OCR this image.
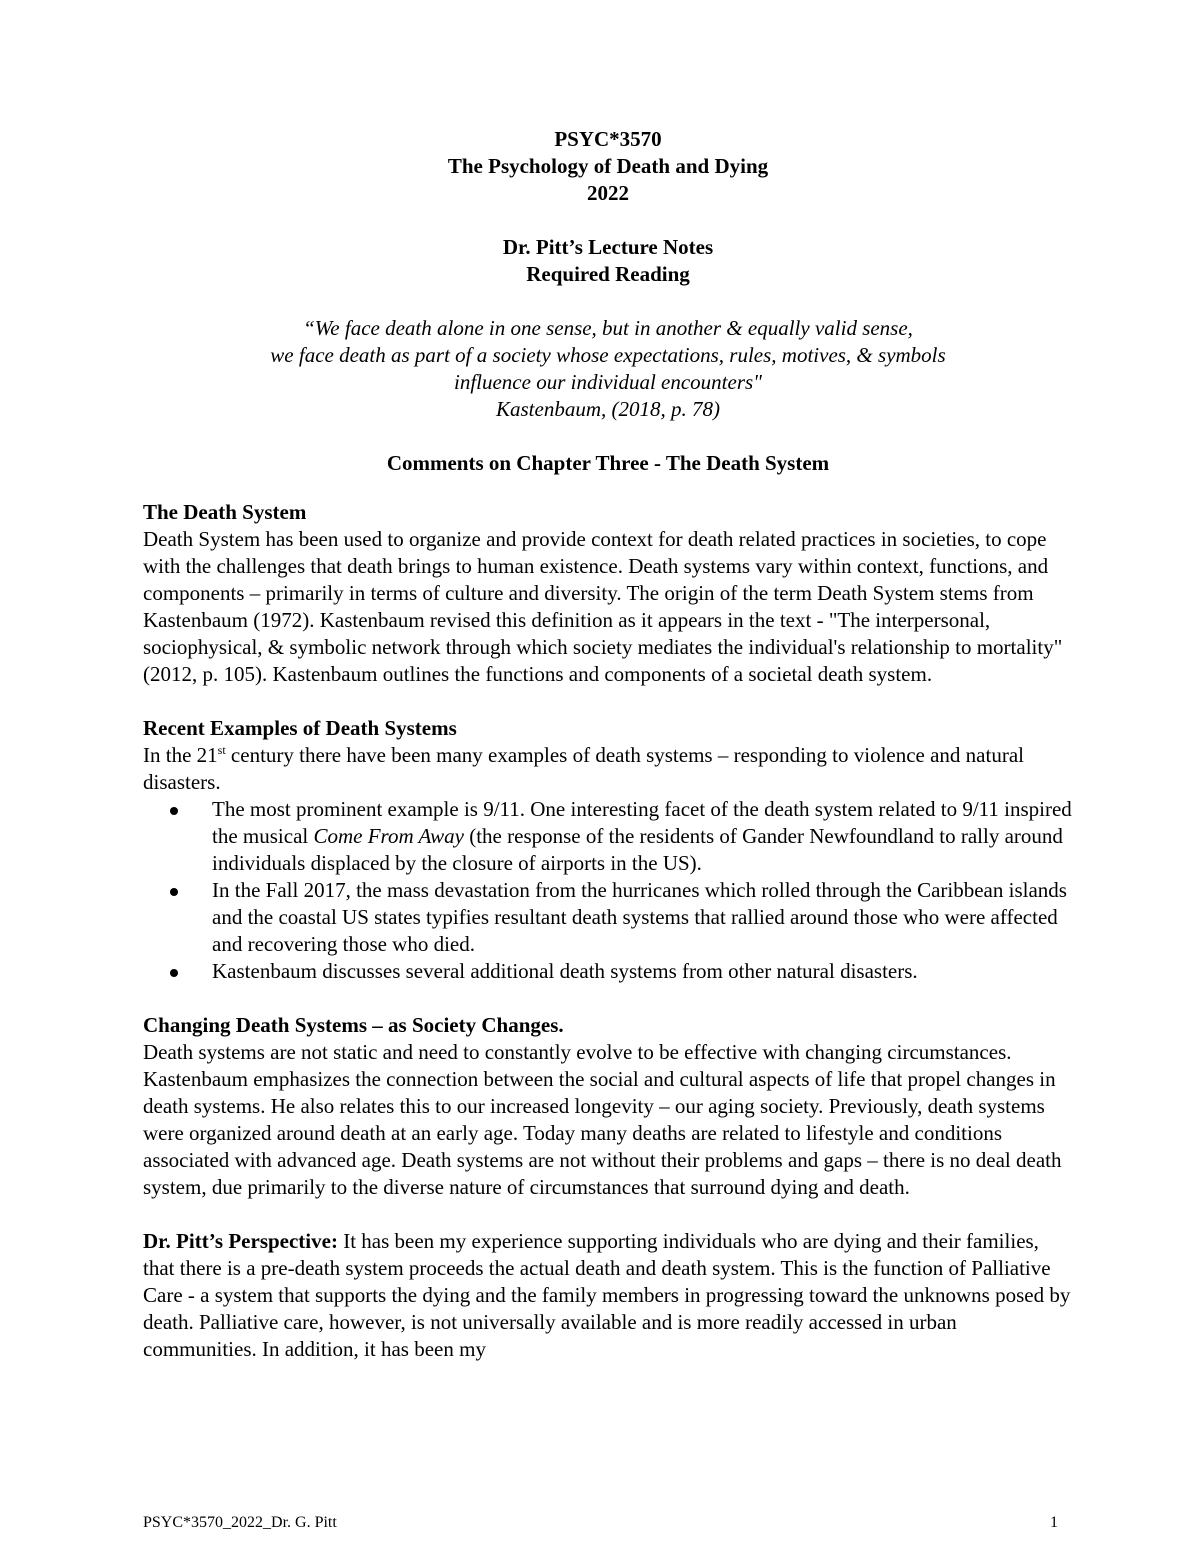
PSYC*3570
The Psychology of Death and Dying
2022
Dr. Pitt’s Lecture Notes
Required Reading
“We face death alone in one sense, but in another & equally valid sense,
we face death as part of a society whose expectations, rules, motives, & symbols
influence our individual encounters"
Kastenbaum, (2018, p. 78)
Comments on Chapter Three - The Death System
The Death System

Death System has been used to organize and provide context for death related practices in societies, to cope with the challenges that death brings to human existence. Death systems vary within context, functions, and components – primarily in terms of culture and diversity. The origin of the term Death System stems from Kastenbaum (1972). Kastenbaum revised this definition as it appears in the text - "The interpersonal, sociophysical, & symbolic network through which society mediates the individual's relationship to mortality" (2012, p. 105). Kastenbaum outlines the functions and components of a societal death system.

Recent Examples of Death Systems

In the 21st century there have been many examples of death systems – responding to violence and natural disasters.

The most prominent example is 9/11. One interesting facet of the death system related to 9/11 inspired the musical Come From Away (the response of the residents of Gander Newfoundland to rally around individuals displaced by the closure of airports in the US).
In the Fall 2017, the mass devastation from the hurricanes which rolled through the Caribbean islands and the coastal US states typifies resultant death systems that rallied around those who were affected and recovering those who died.
Kastenbaum discusses several additional death systems from other natural disasters.
Changing Death Systems – as Society Changes.

Death systems are not static and need to constantly evolve to be effective with changing circumstances. Kastenbaum emphasizes the connection between the social and cultural aspects of life that propel changes in death systems. He also relates this to our increased longevity – our aging society. Previously, death systems were organized around death at an early age. Today many deaths are related to lifestyle and conditions associated with advanced age. Death systems are not without their problems and gaps – there is no deal death system, due primarily to the diverse nature of circumstances that surround dying and death.

Dr. Pitt’s Perspective: It has been my experience supporting individuals who are dying and their families, that there is a pre-death system proceeds the actual death and death system. This is the function of Palliative Care - a system that supports the dying and the family members in progressing toward the unknowns posed by death. Palliative care, however, is not universally available and is more readily accessed in urban communities. In addition, it has been my

PSYC*3570_2022_Dr. G. Pitt	1
